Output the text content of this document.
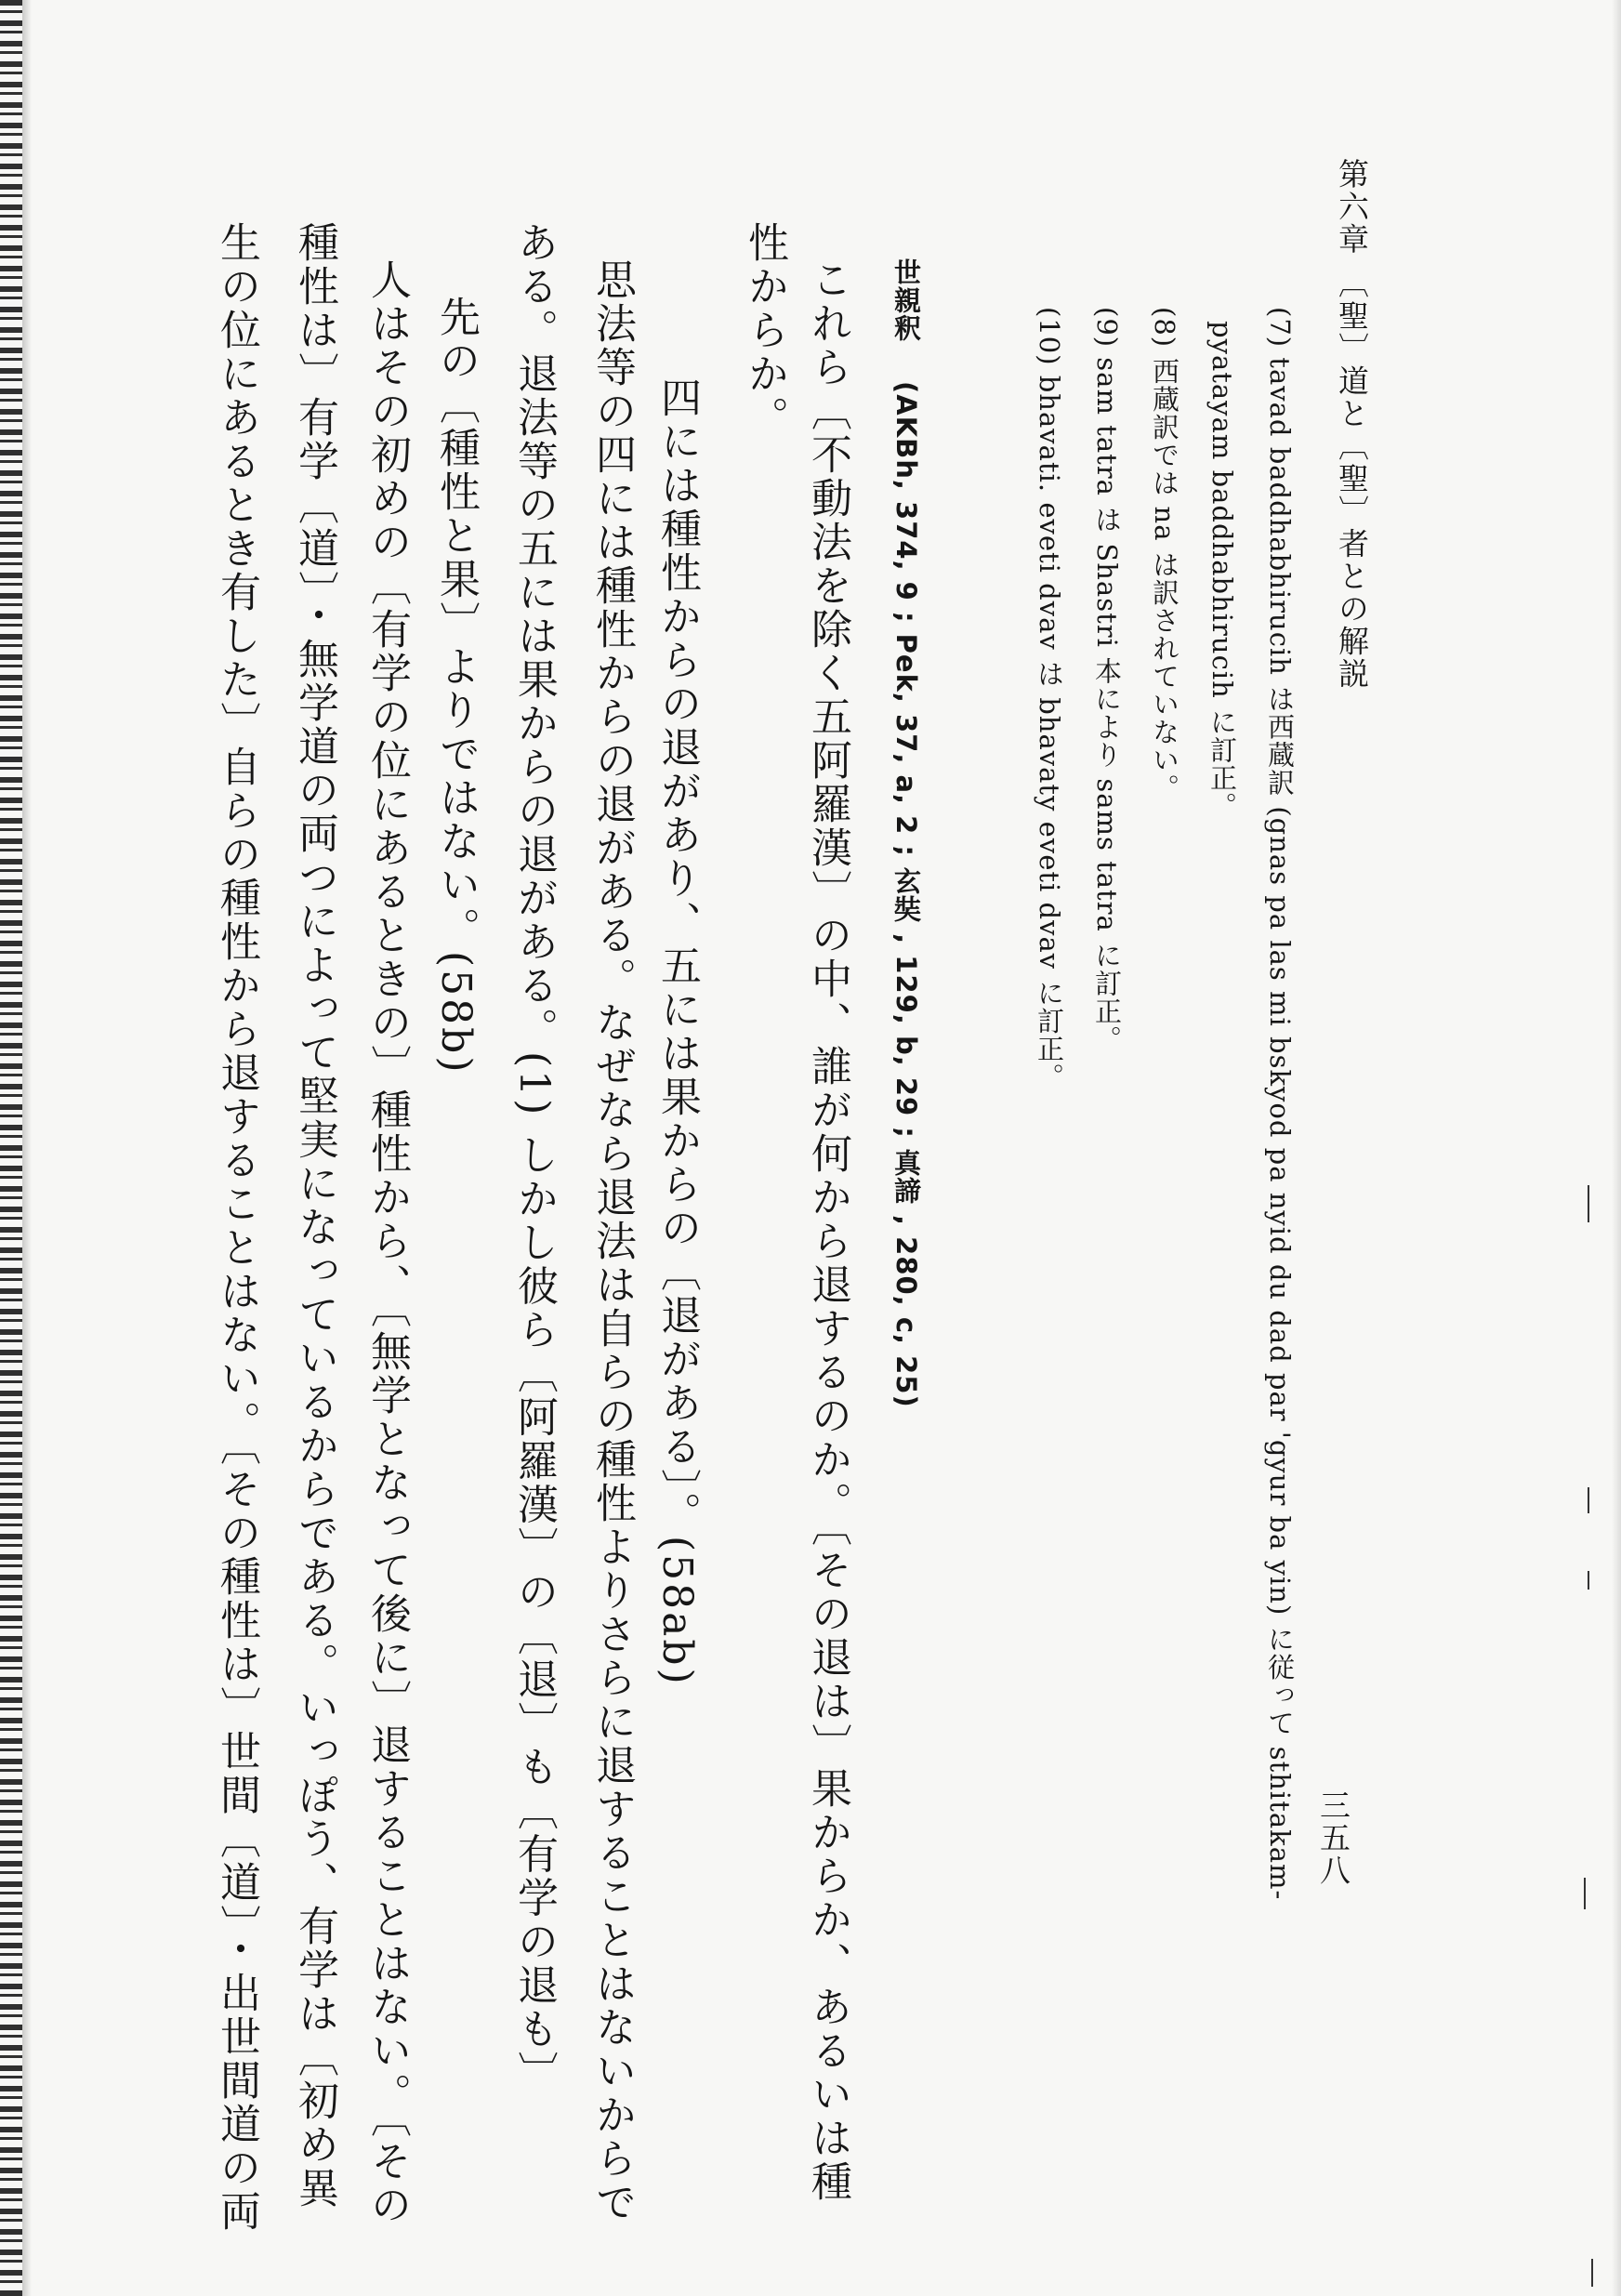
第六章 〔聖〕道と〔聖〕者との解説
三五八
(7) tavad baddhabhirucih は西蔵訳 (gnas pa las mi bskyod pa nyid du dad par 'gyur ba yin) に従って sthitakam-
pyatayam baddhabhirucih に訂正。
(8) 西蔵訳では na は訳されていない。
(9) sam tatra は Shastri 本により sams tatra に訂正。
(10) bhavati. eveti dvav は bhavaty eveti dvav に訂正。
世親釈
(AKBh, 374, 9 ; Pek, 37, a, 2 ; 玄奘 , 129, b, 29 ; 真諦 , 280, c, 25)
これら〔不動法を除く五阿羅漢〕の中、誰が何から退するのか。〔その退は〕果からか、あるいは種
性からか。
四には種性からの退があり、五には果からの〔退がある〕。(58ab)
思法等の四には種性からの退がある。なぜなら退法は自らの種性よりさらに退することはないからで
ある。退法等の五には果からの退がある。(1) しかし彼ら〔阿羅漢〕の〔退〕も〔有学の退も〕
先の〔種性と果〕よりではない。(58b)
人はその初めの〔有学の位にあるときの〕種性から、〔無学となって後に〕退することはない。〔その
種性は〕有学〔道〕・無学道の両つによって堅実になっているからである。いっぽう、有学は〔初め異
生の位にあるとき有した〕自らの種性から退することはない。〔その種性は〕世間〔道〕・出世間道の両
